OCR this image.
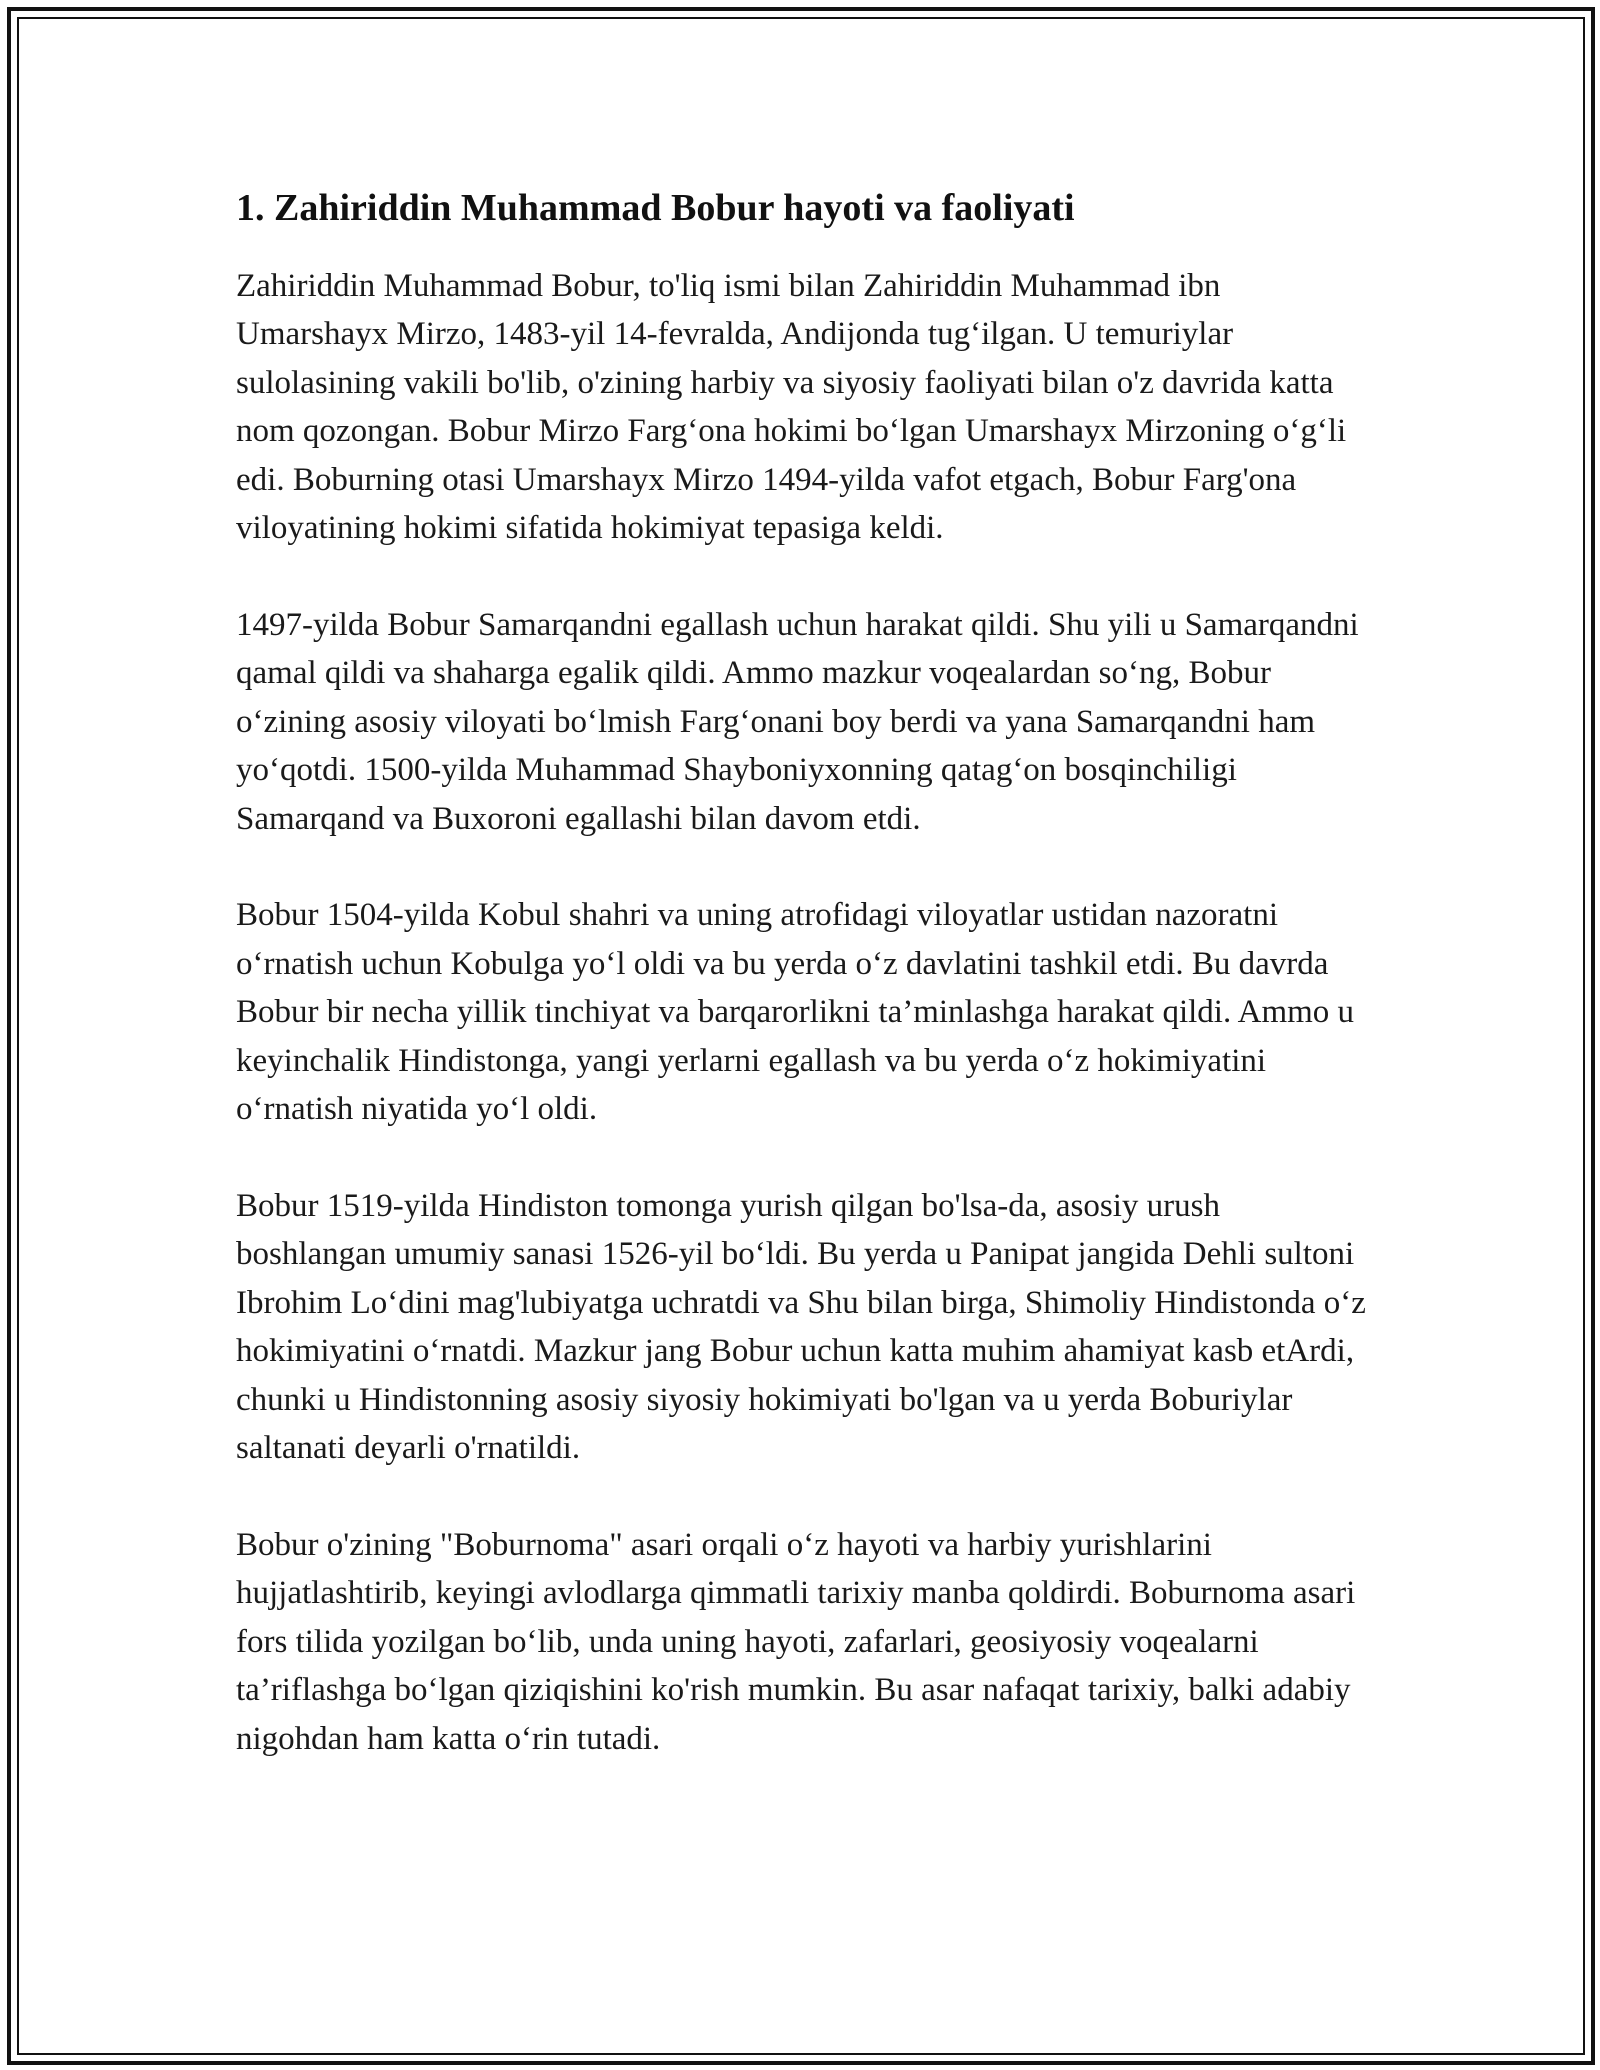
1. Zahiriddin Muhammad Bobur hayoti va faoliyati

Zahiriddin Muhammad Bobur, to'liq ismi bilan Zahiriddin Muhammad ibn Umarshayx Mirzo, 1483-yil 14-fevralda, Andijonda tug‘ilgan. U temuriylar sulolasining vakili bo'lib, o'zining harbiy va siyosiy faoliyati bilan o'z davrida katta nom qozongan. Bobur Mirzo Farg‘ona hokimi bo‘lgan Umarshayx Mirzoning o‘g‘li edi. Boburning otasi Umarshayx Mirzo 1494-yilda vafot etgach, Bobur Farg'ona viloyatining hokimi sifatida hokimiyat tepasiga keldi.

1497-yilda Bobur Samarqandni egallash uchun harakat qildi. Shu yili u Samarqandni qamal qildi va shaharga egalik qildi. Ammo mazkur voqealardan so‘ng, Bobur o‘zining asosiy viloyati bo‘lmish Farg‘onani boy berdi va yana Samarqandni ham yo‘qotdi. 1500-yilda Muhammad Shayboniyxonning qatag‘on bosqinchiligi Samarqand va Buxoroni egallashi bilan davom etdi.

Bobur 1504-yilda Kobul shahri va uning atrofidagi viloyatlar ustidan nazoratni o‘rnatish uchun Kobulga yo‘l oldi va bu yerda o‘z davlatini tashkil etdi. Bu davrda Bobur bir necha yillik tinchiyat va barqarorlikni ta’minlashga harakat qildi. Ammo u keyinchalik Hindistonga, yangi yerlarni egallash va bu yerda o‘z hokimiyatini o‘rnatish niyatida yo‘l oldi.

Bobur 1519-yilda Hindiston tomonga yurish qilgan bo'lsa-da, asosiy urush boshlangan umumiy sanasi 1526-yil bo‘ldi. Bu yerda u Panipat jangida Dehli sultoni Ibrohim Lo‘dini mag'lubiyatga uchratdi va Shu bilan birga, Shimoliy Hindistonda o‘z hokimiyatini o‘rnatdi. Mazkur jang Bobur uchun katta muhim ahamiyat kasb etArdi, chunki u Hindistonning asosiy siyosiy hokimiyati bo'lgan va u yerda Boburiylar saltanati deyarli o'rnatildi.

Bobur o'zining "Boburnoma" asari orqali o‘z hayoti va harbiy yurishlarini hujjatlashtirib, keyingi avlodlarga qimmatli tarixiy manba qoldirdi. Boburnoma asari fors tilida yozilgan bo‘lib, unda uning hayoti, zafarlari, geosiyosiy voqealarni ta’riflashga bo‘lgan qiziqishini ko'rish mumkin. Bu asar nafaqat tarixiy, balki adabiy nigohdan ham katta o‘rin tutadi.
